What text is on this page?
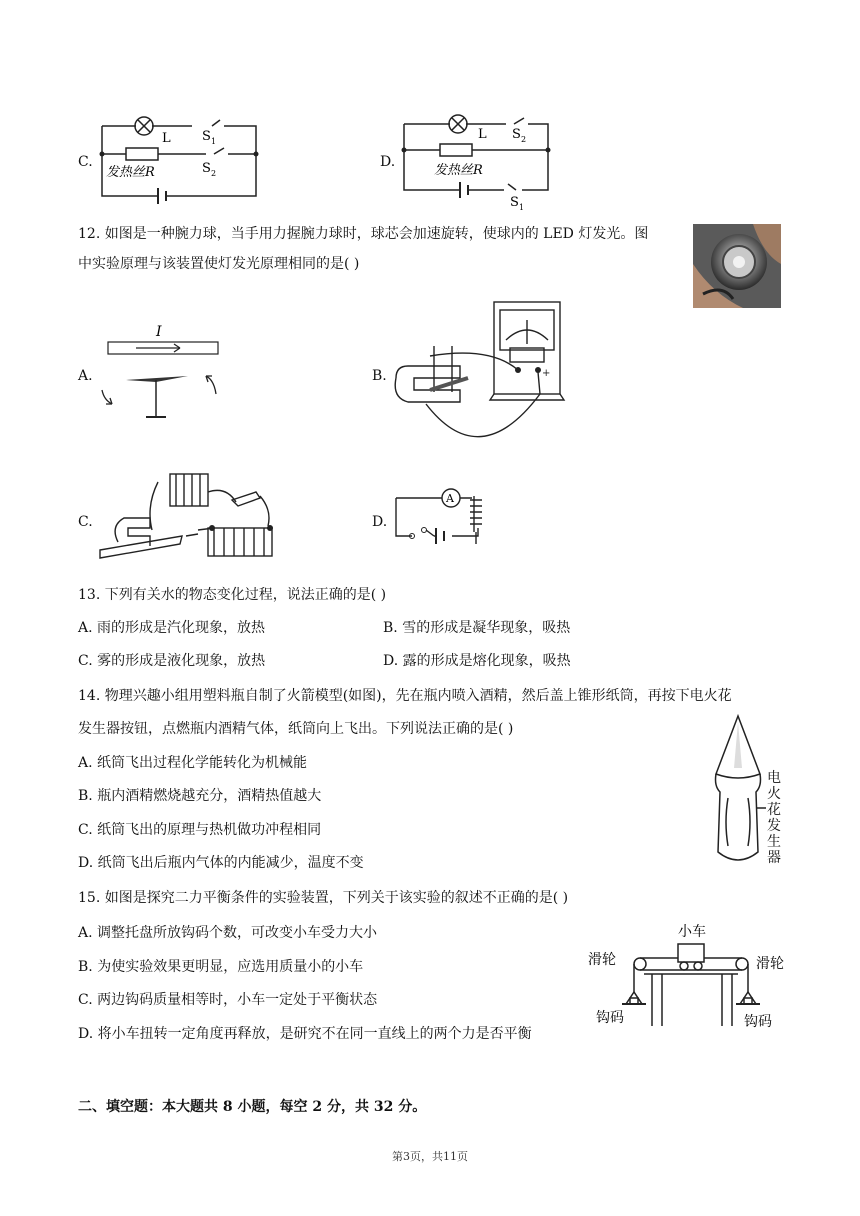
C.
L S 1
S 2
发热丝R
D.
L S 2
发热丝R
S 1
12. 如图是一种腕力球，当手用力握腕力球时，球芯会加速旋转，使球内的 LED 灯发光。图
中实验原理与该装置使灯发光原理相同的是( )
A.
I
B.	+
C.	D.
A
13. 下列有关水的物态变化过程，说法正确的是( )
A. 雨的形成是汽化现象，放热	B. 雪的形成是凝华现象，吸热
C. 雾的形成是液化现象，放热	D. 露的形成是熔化现象，吸热
14. 物理兴趣小组用塑料瓶自制了火箭模型(如图)，先在瓶内喷入酒精，然后盖上锥形纸筒，再按下电火花
发生器按钮，点燃瓶内酒精气体，纸筒向上飞出。下列说法正确的是( )
A. 纸筒飞出过程化学能转化为机械能
B. 瓶内酒精燃烧越充分，酒精热值越大
C. 纸筒飞出的原理与热机做功冲程相同
D. 纸筒飞出后瓶内气体的内能减少，温度不变
电
火
花
发
生
器
15. 如图是探究二力平衡条件的实验装置，下列关于该实验的叙述不正确的是( )
A. 调整托盘所放钩码个数，可改变小车受力大小
B. 为使实验效果更明显，应选用质量小的小车
C. 两边钩码质量相等时，小车一定处于平衡状态
D. 将小车扭转一定角度再释放，是研究不在同一直线上的两个力是否平衡
小车
滑轮	滑轮
钩码	钩码
二、填空题：本大题共 8 小题，每空 2 分，共 32 分。
第3页，共11页
